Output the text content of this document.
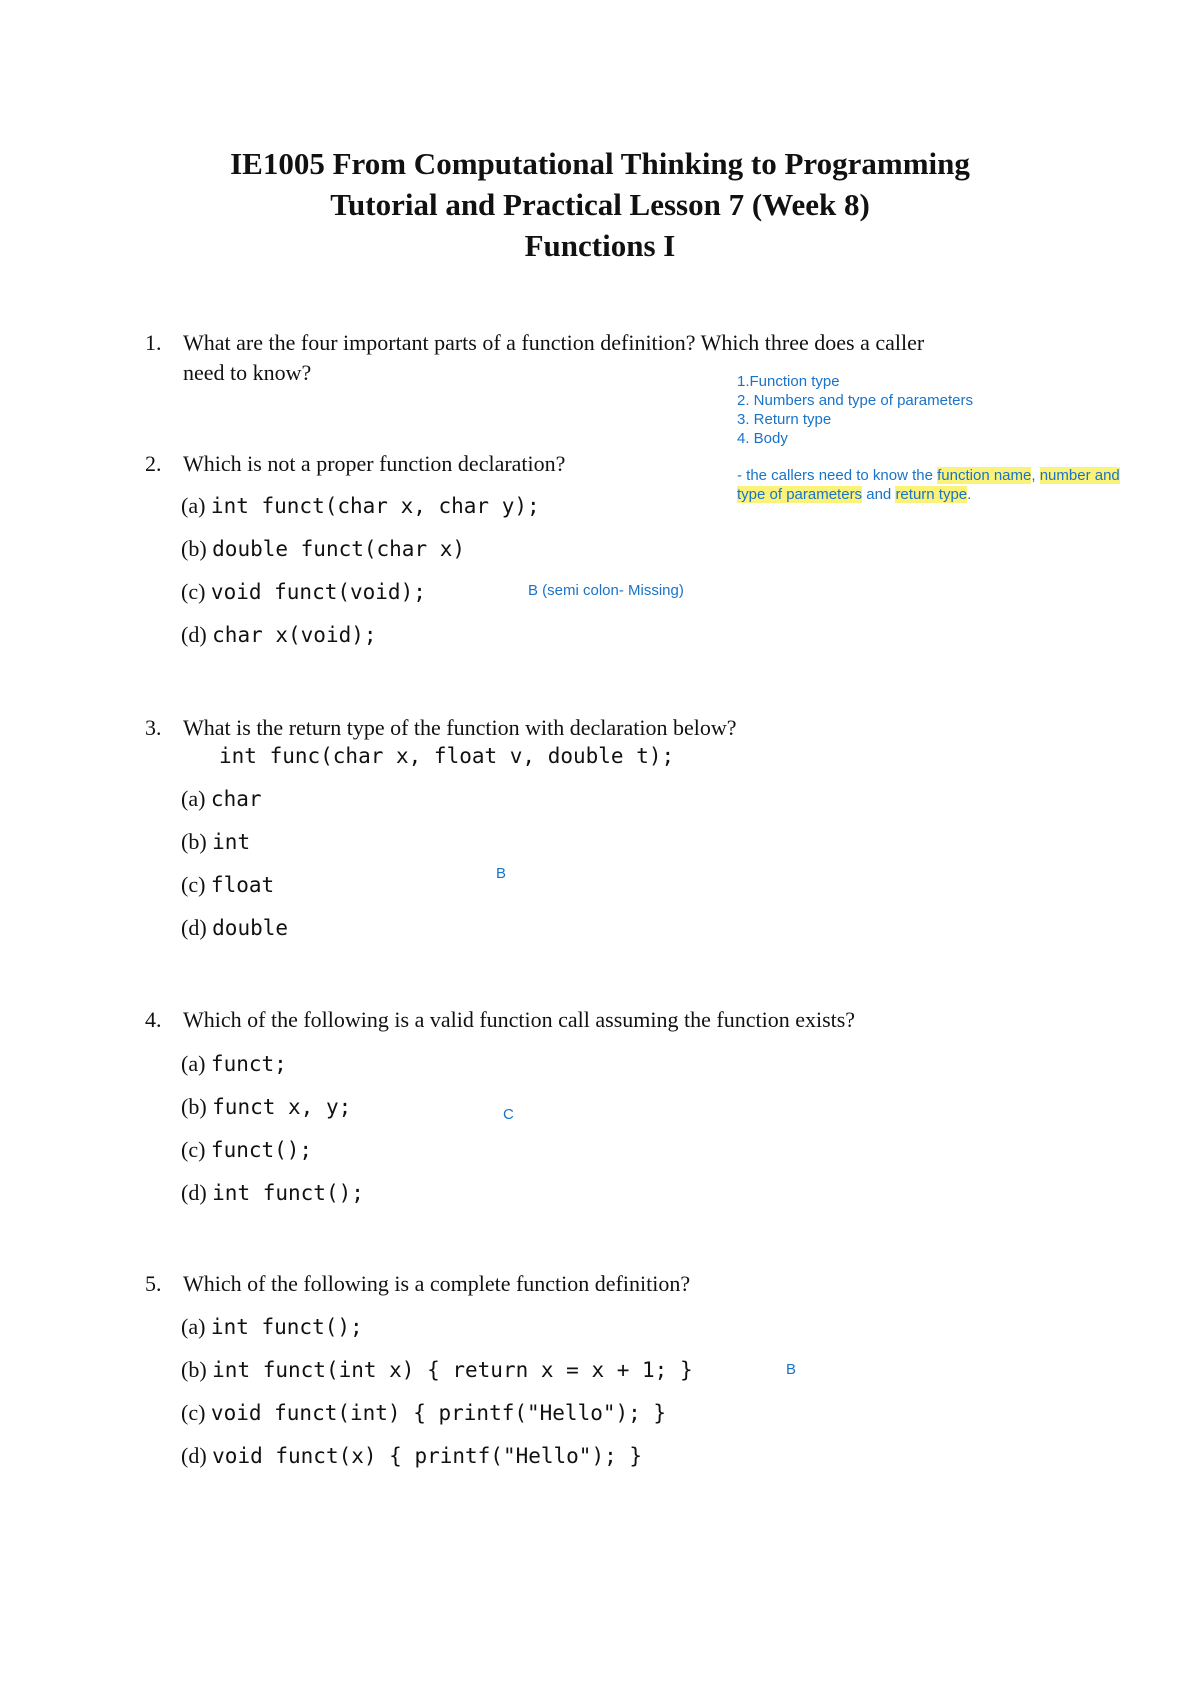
IE1005 From Computational Thinking to Programming
Tutorial and Practical Lesson 7 (Week 8)
Functions I
1. What are the four important parts of a function definition? Which three does a caller
need to know?	1.Function type
2. Numbers and type of parameters
3. Return type
4. Body
- the callers need to know the function name, number and
type of parameters and return type.
2. Which is not a proper function declaration?
(a) int funct(char x, char y);
(b) double funct(char x)
(c) void funct(void);
(d) char x(void);
B (semi colon- Missing)
3. What is the return type of the function with declaration below?
int func(char x, float v, double t);
(a) char
(b) int
(c) float
(d) double
B
4. Which of the following is a valid function call assuming the function exists?
(a) funct;
(b) funct x, y;
(c) funct();
(d) int funct();
C
5. Which of the following is a complete function definition?
(a) int funct();
(b) int funct(int x) { return x = x + 1; }
(c) void funct(int) { printf("Hello"); }
(d) void funct(x) { printf("Hello"); }
B
